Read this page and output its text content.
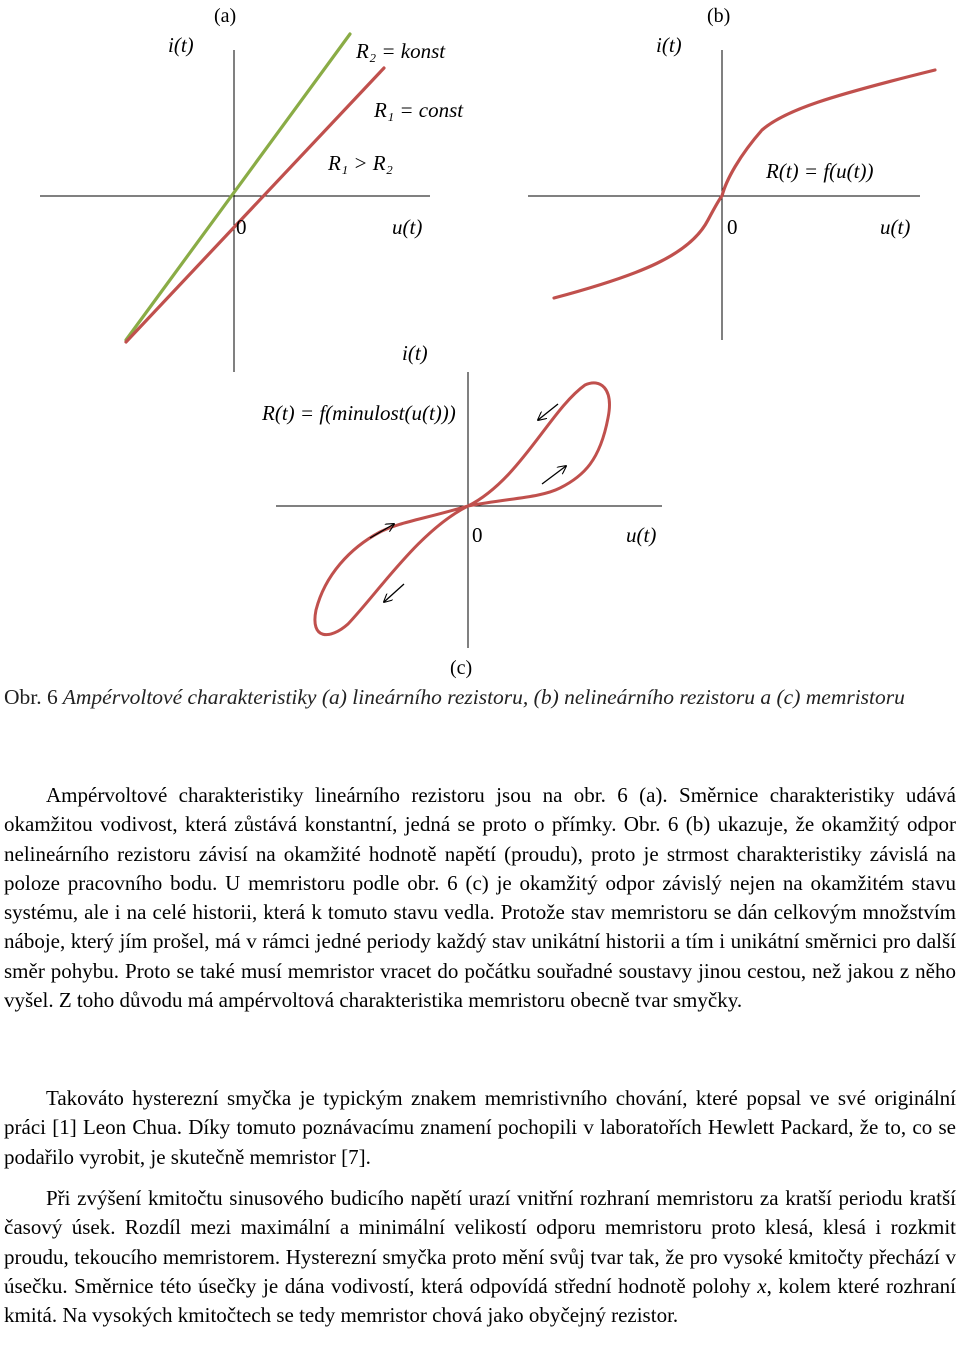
(a)
i(t)
0	u(t)
R₂ = konst
R₁ = const
R₁ > R₂
(b)
i(t)
0	u(t)
R(t) = f(u(t))
i(t)
R(t) = f(minulost(u(t)))
0	u(t)
(c)
Obr. 6 Ampérvoltové charakteristiky (a) lineárního rezistoru, (b) nelineárního rezistoru a (c) memristoru

Ampérvoltové charakteristiky lineárního rezistoru jsou na obr. 6 (a). Směrnice charakteristiky udává okamžitou vodivost, která zůstává konstantní, jedná se proto o přímky. Obr. 6 (b) ukazuje, že okamžitý odpor nelineárního rezistoru závisí na okamžité hodnotě napětí (proudu), proto je strmost charakteristiky závislá na poloze pracovního bodu. U memristoru podle obr. 6 (c) je okamžitý odpor závislý nejen na okamžitém stavu systému, ale i na celé historii, která k tomuto stavu vedla. Protože stav memristoru se dán celkovým množstvím náboje, který jím prošel, má v rámci jedné periody každý stav unikátní historii a tím i unikátní směrnici pro další směr pohybu. Proto se také musí memristor vracet do počátku souřadné soustavy jinou cestou, než jakou z něho vyšel. Z toho důvodu má ampérvoltová charakteristika memristoru obecně tvar smyčky.

Takováto hysterezní smyčka je typickým znakem memristivního chování, které popsal ve své originální práci [1] Leon Chua. Díky tomuto poznávacímu znamení pochopili v laboratořích Hewlett Packard, že to, co se podařilo vyrobit, je skutečně memristor [7].

Při zvýšení kmitočtu sinusového budicího napětí urazí vnitřní rozhraní memristoru za kratší periodu kratší časový úsek. Rozdíl mezi maximální a minimální velikostí odporu memristoru proto klesá, klesá i rozkmit proudu, tekoucího memristorem. Hysterezní smyčka proto mění svůj tvar tak, že pro vysoké kmitočty přechází v úsečku. Směrnice této úsečky je dána vodivostí, která odpovídá střední hodnotě polohy x, kolem které rozhraní kmitá. Na vysokých kmitočtech se tedy memristor chová jako obyčejný rezistor.
